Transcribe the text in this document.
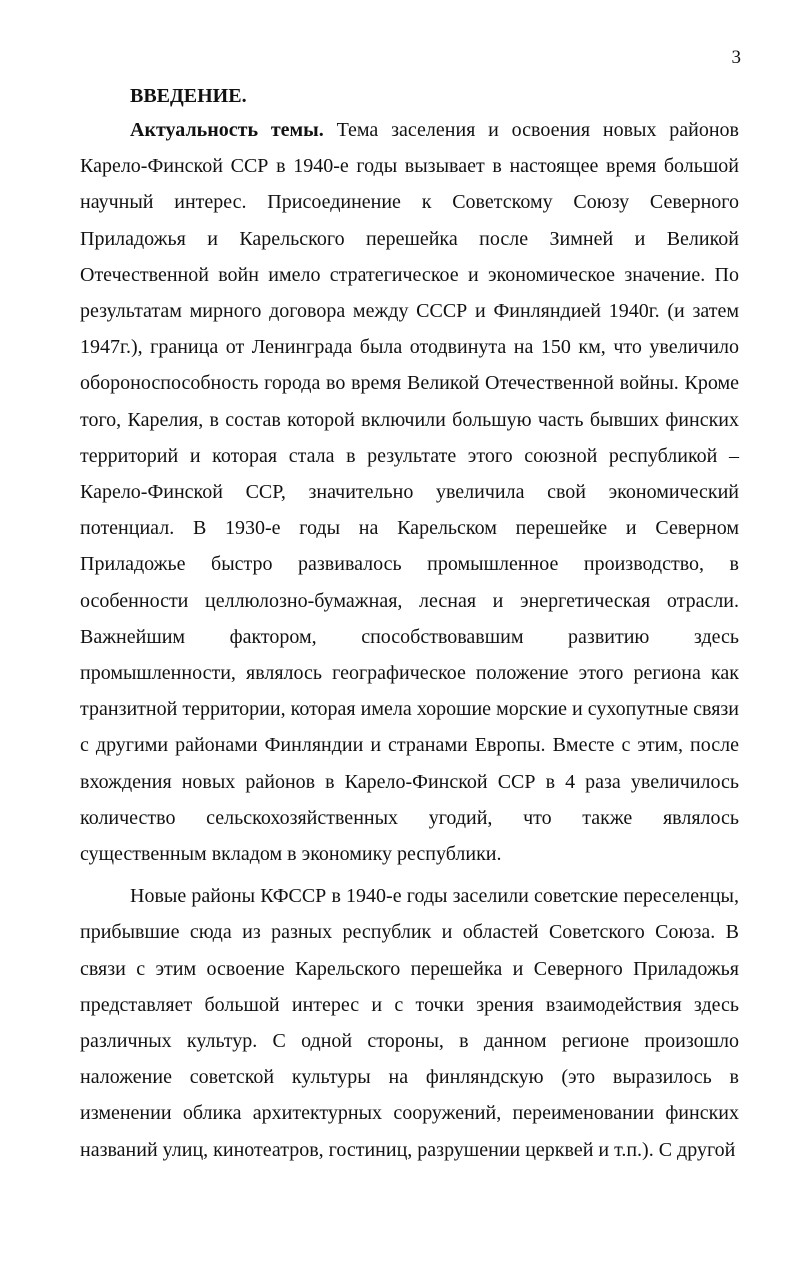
3
ВВЕДЕНИЕ.

Актуальность темы. Тема заселения и освоения новых районов Карело-Финской ССР в 1940-е годы вызывает в настоящее время большой научный интерес. Присоединение к Советскому Союзу Северного Приладожья и Карельского перешейка после Зимней и Великой Отечественной войн имело стратегическое и экономическое значение. По результатам мирного договора между СССР и Финляндией 1940г. (и затем 1947г.), граница от Ленинграда была отодвинута на 150 км, что увеличило обороноспособность города во время Великой Отечественной войны. Кроме того, Карелия, в состав которой включили большую часть бывших финских территорий и которая стала в результате этого союзной республикой – Карело-Финской ССР, значительно увеличила свой экономический потенциал. В 1930-е годы на Карельском перешейке и Северном Приладожье быстро развивалось промышленное производство, в особенности целлюлозно-бумажная, лесная и энергетическая отрасли. Важнейшим фактором, способствовавшим развитию здесь промышленности, являлось географическое положение этого региона как транзитной территории, которая имела хорошие морские и сухопутные связи с другими районами Финляндии и странами Европы. Вместе с этим, после вхождения новых районов в Карело-Финской ССР в 4 раза увеличилось количество сельскохозяйственных угодий, что также являлось существенным вкладом в экономику республики.

Новые районы КФССР в 1940-е годы заселили советские переселенцы, прибывшие сюда из разных республик и областей Советского Союза. В связи с этим освоение Карельского перешейка и Северного Приладожья представляет большой интерес и с точки зрения взаимодействия здесь различных культур. С одной стороны, в данном регионе произошло наложение советской культуры на финляндскую (это выразилось в изменении облика архитектурных сооружений, переименовании финских названий улиц, кинотеатров, гостиниц, разрушении церквей и т.п.). С другой
